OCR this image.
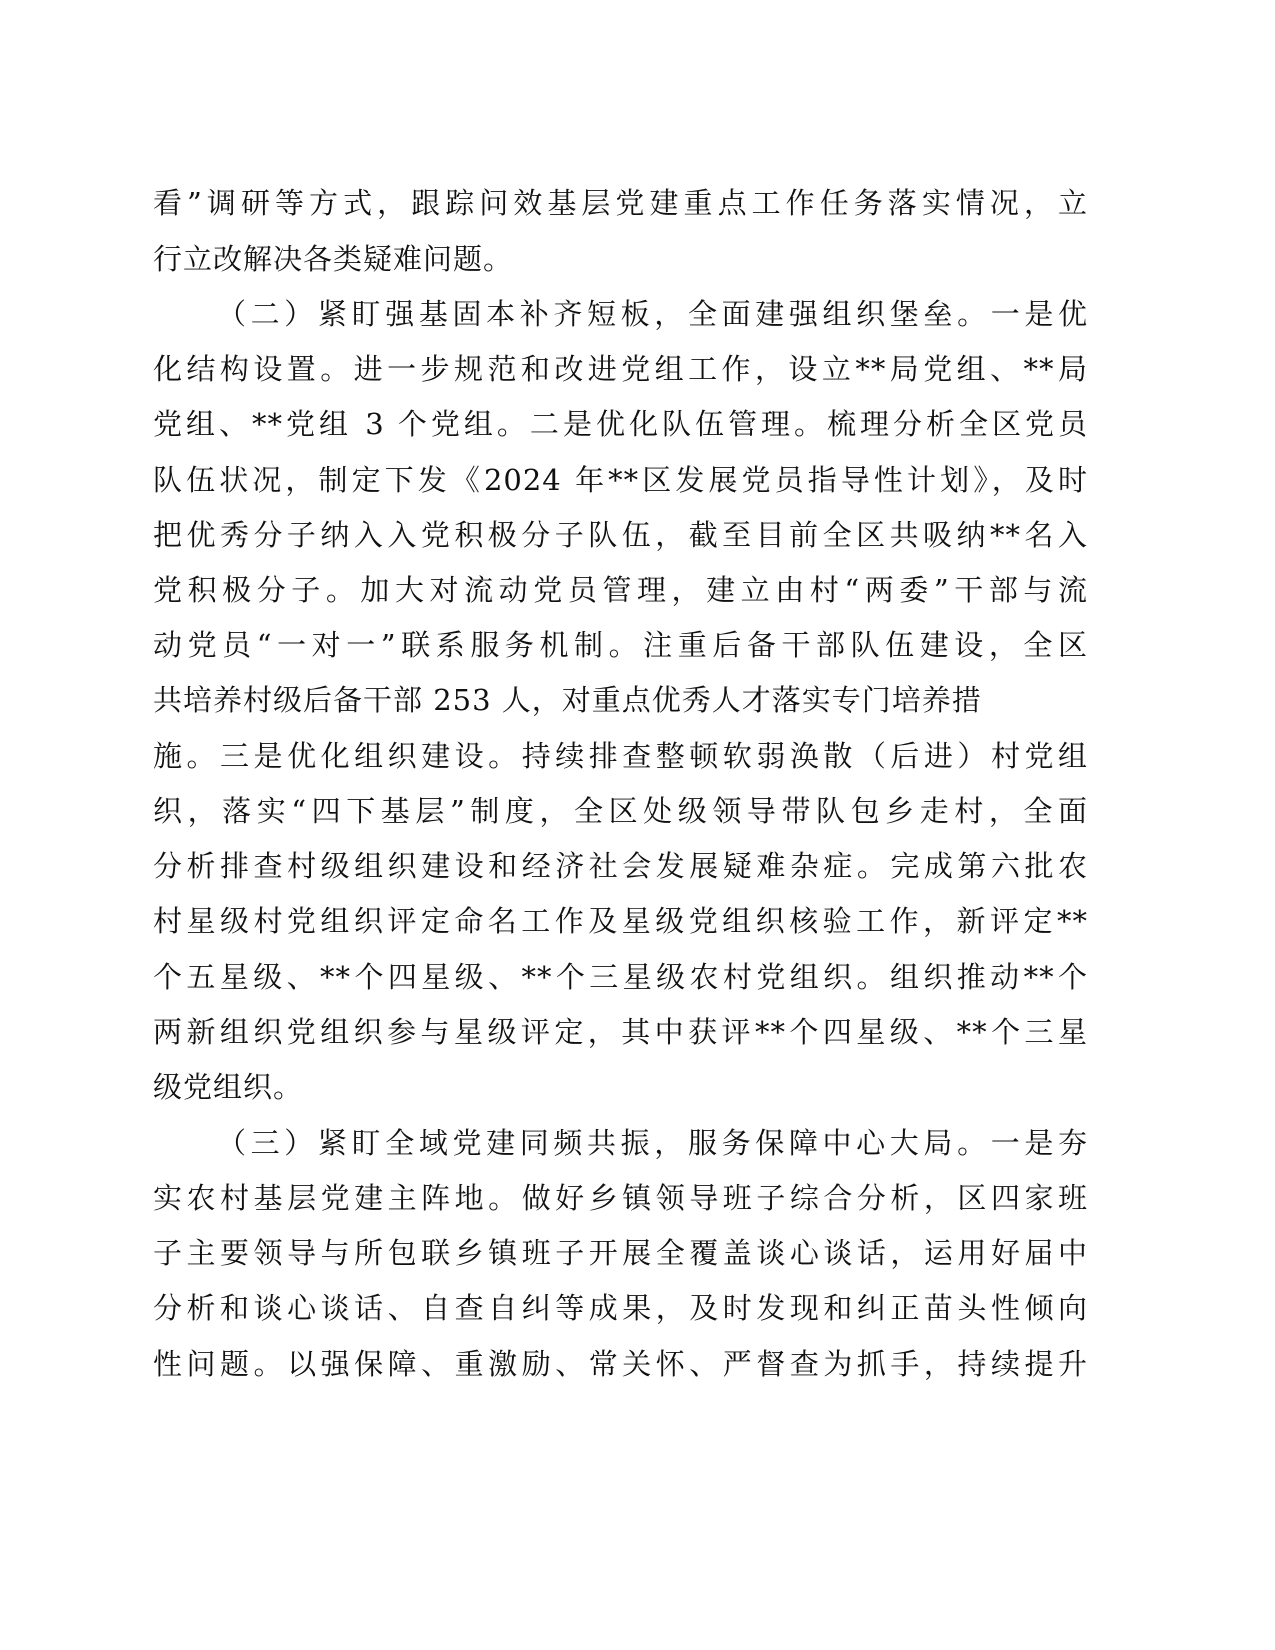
看”调研等方式，跟踪问效基层党建重点工作任务落实情况，立
行立改解决各类疑难问题。
（二）紧盯强基固本补齐短板，全面建强组织堡垒。一是优
化结构设置。进一步规范和改进党组工作，设立**局党组、**局
党组、**党组 3 个党组。二是优化队伍管理。梳理分析全区党员
队伍状况，制定下发《2024 年**区发展党员指导性计划》，及时
把优秀分子纳入入党积极分子队伍，截至目前全区共吸纳**名入
党积极分子。加大对流动党员管理，建立由村“两委”干部与流
动党员“一对一”联系服务机制。注重后备干部队伍建设，全区
共培养村级后备干部 253 人，对重点优秀人才落实专门培养措
施。三是优化组织建设。持续排查整顿软弱涣散（后进）村党组
织，落实“四下基层”制度，全区处级领导带队包乡走村，全面
分析排查村级组织建设和经济社会发展疑难杂症。完成第六批农
村星级村党组织评定命名工作及星级党组织核验工作，新评定**
个五星级、**个四星级、**个三星级农村党组织。组织推动**个
两新组织党组织参与星级评定，其中获评**个四星级、**个三星
级党组织。
（三）紧盯全域党建同频共振，服务保障中心大局。一是夯
实农村基层党建主阵地。做好乡镇领导班子综合分析，区四家班
子主要领导与所包联乡镇班子开展全覆盖谈心谈话，运用好届中
分析和谈心谈话、自查自纠等成果，及时发现和纠正苗头性倾向
性问题。以强保障、重激励、常关怀、严督查为抓手，持续提升
